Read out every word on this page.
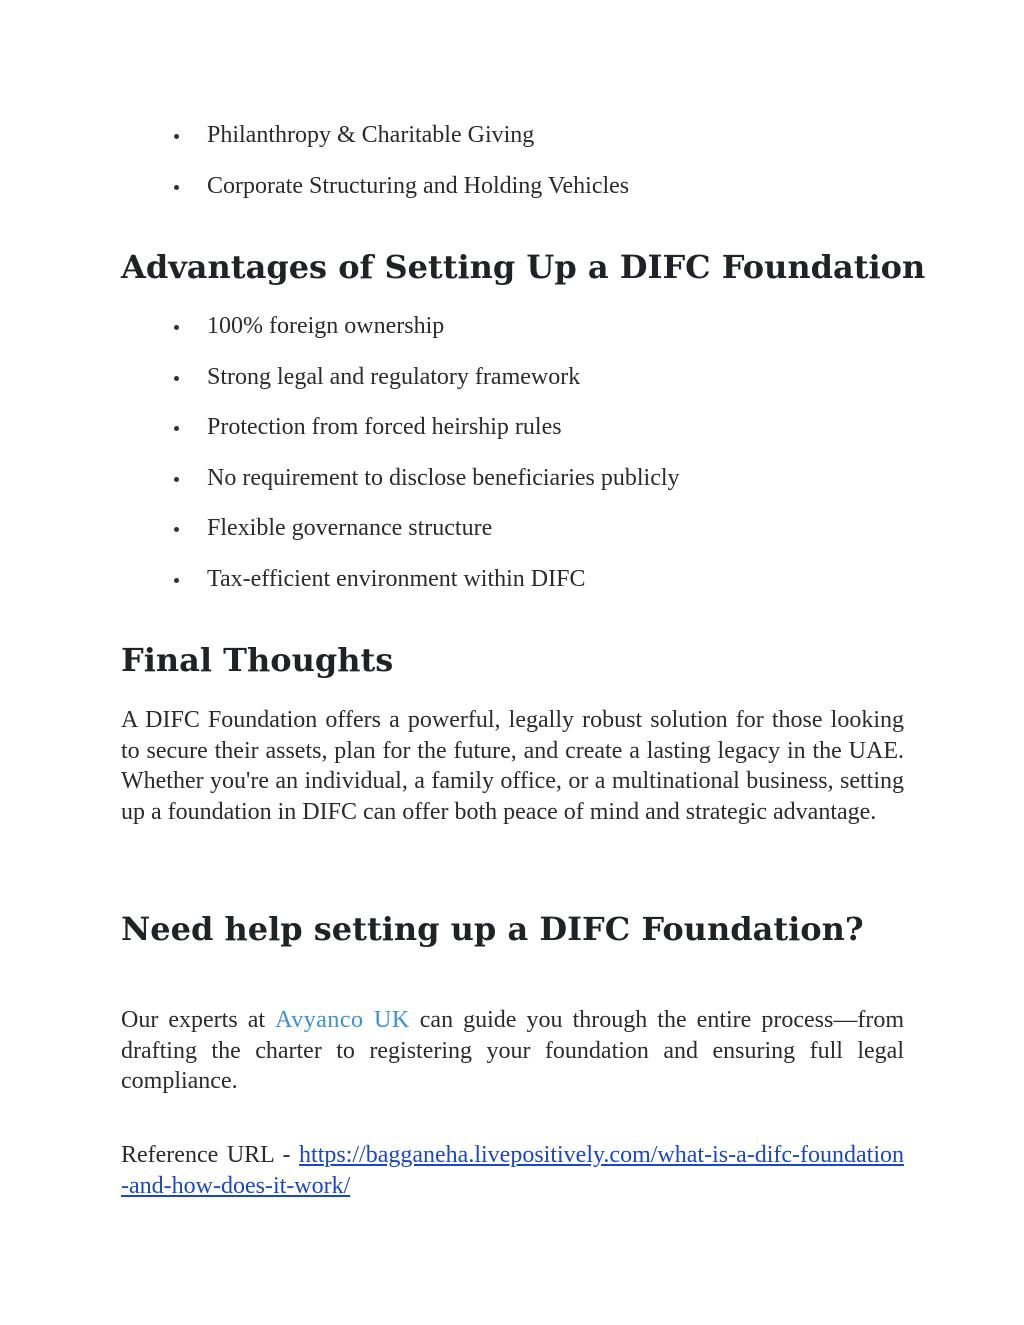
Philanthropy & Charitable Giving
Corporate Structuring and Holding Vehicles
Advantages of Setting Up a DIFC Foundation
100% foreign ownership
Strong legal and regulatory framework
Protection from forced heirship rules
No requirement to disclose beneficiaries publicly
Flexible governance structure
Tax-efficient environment within DIFC
Final Thoughts

A DIFC Foundation offers a powerful, legally robust solution for those looking to secure their assets, plan for the future, and create a lasting legacy in the UAE. Whether you're an individual, a family office, or a multinational business, setting up a foundation in DIFC can offer both peace of mind and strategic advantage.

Need help setting up a DIFC Foundation?

Our experts at Avyanco UK can guide you through the entire process—from drafting the charter to registering your foundation and ensuring full legal compliance.

Reference URL - https://bagganeha.livepositively.com/what-is-a-difc-foundation-and-how-does-it-work/
